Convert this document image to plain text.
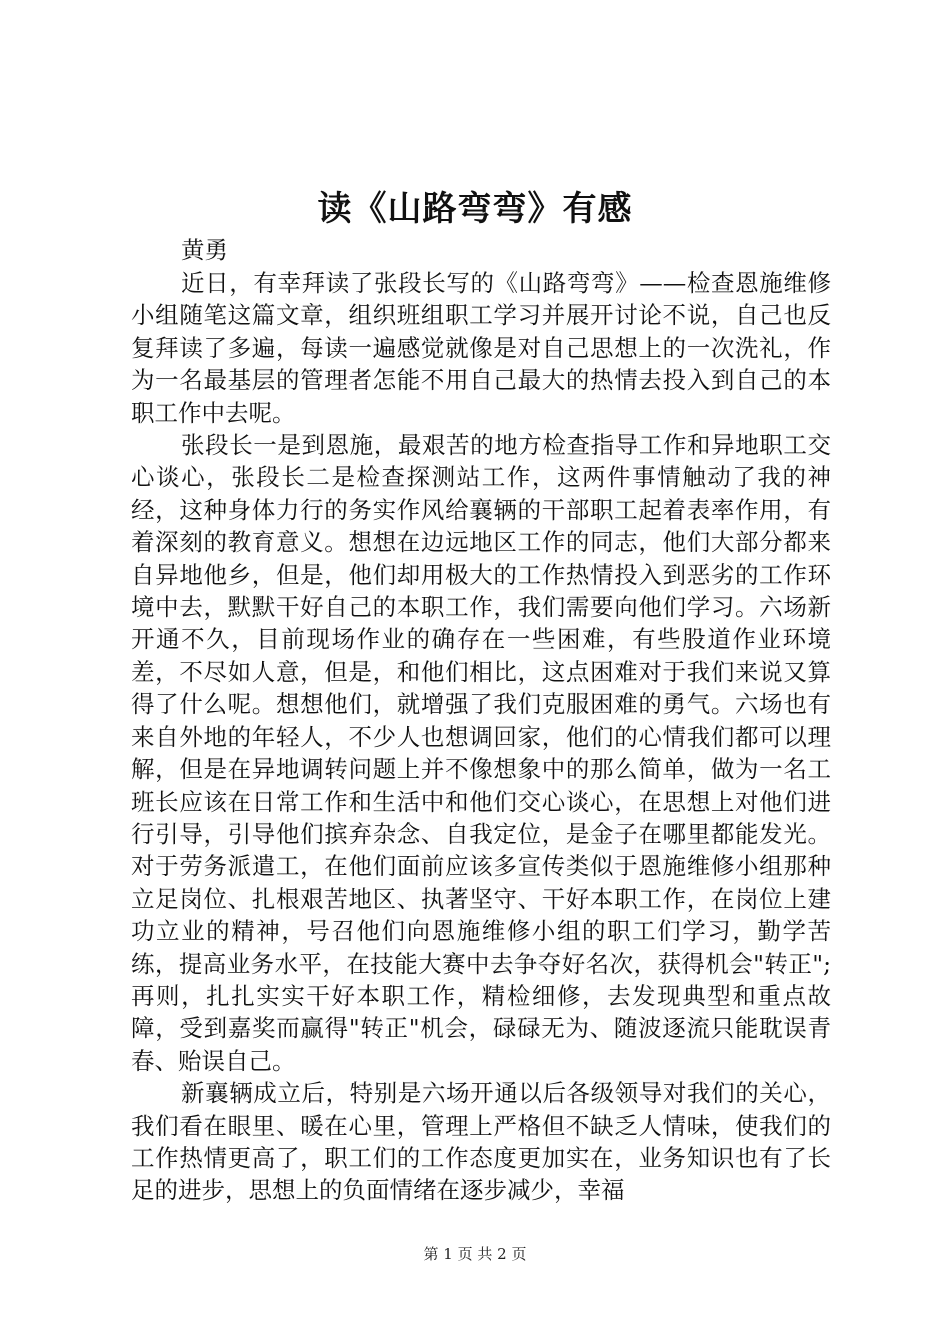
读《山路弯弯》有感

黄勇

近日，有幸拜读了张段长写的《山路弯弯》——检查恩施维修小组随笔这篇文章，组织班组职工学习并展开讨论不说，自己也反复拜读了多遍，每读一遍感觉就像是对自己思想上的一次洗礼，作为一名最基层的管理者怎能不用自己最大的热情去投入到自己的本职工作中去呢。

张段长一是到恩施，最艰苦的地方检查指导工作和异地职工交心谈心，张段长二是检查探测站工作，这两件事情触动了我的神经，这种身体力行的务实作风给襄辆的干部职工起着表率作用，有着深刻的教育意义。想想在边远地区工作的同志，他们大部分都来自异地他乡，但是，他们却用极大的工作热情投入到恶劣的工作环境中去，默默干好自己的本职工作，我们需要向他们学习。六场新开通不久，目前现场作业的确存在一些困难，有些股道作业环境差，不尽如人意，但是，和他们相比，这点困难对于我们来说又算得了什么呢。想想他们，就增强了我们克服困难的勇气。六场也有来自外地的年轻人，不少人也想调回家，他们的心情我们都可以理解，但是在异地调转问题上并不像想象中的那么简单，做为一名工班长应该在日常工作和生活中和他们交心谈心，在思想上对他们进行引导，引导他们摈弃杂念、自我定位，是金子在哪里都能发光。对于劳务派遣工，在他们面前应该多宣传类似于恩施维修小组那种立足岗位、扎根艰苦地区、执著坚守、干好本职工作，在岗位上建功立业的精神，号召他们向恩施维修小组的职工们学习，勤学苦练，提高业务水平，在技能大赛中去争夺好名次，获得机会"转正";再则，扎扎实实干好本职工作，精检细修，去发现典型和重点故障，受到嘉奖而赢得"转正"机会，碌碌无为、随波逐流只能耽误青春、贻误自己。

新襄辆成立后，特别是六场开通以后各级领导对我们的关心，我们看在眼里、暖在心里，管理上严格但不缺乏人情味，使我们的工作热情更高了，职工们的工作态度更加实在，业务知识也有了长足的进步，思想上的负面情绪在逐步减少，幸福

第 1 页 共 2 页
